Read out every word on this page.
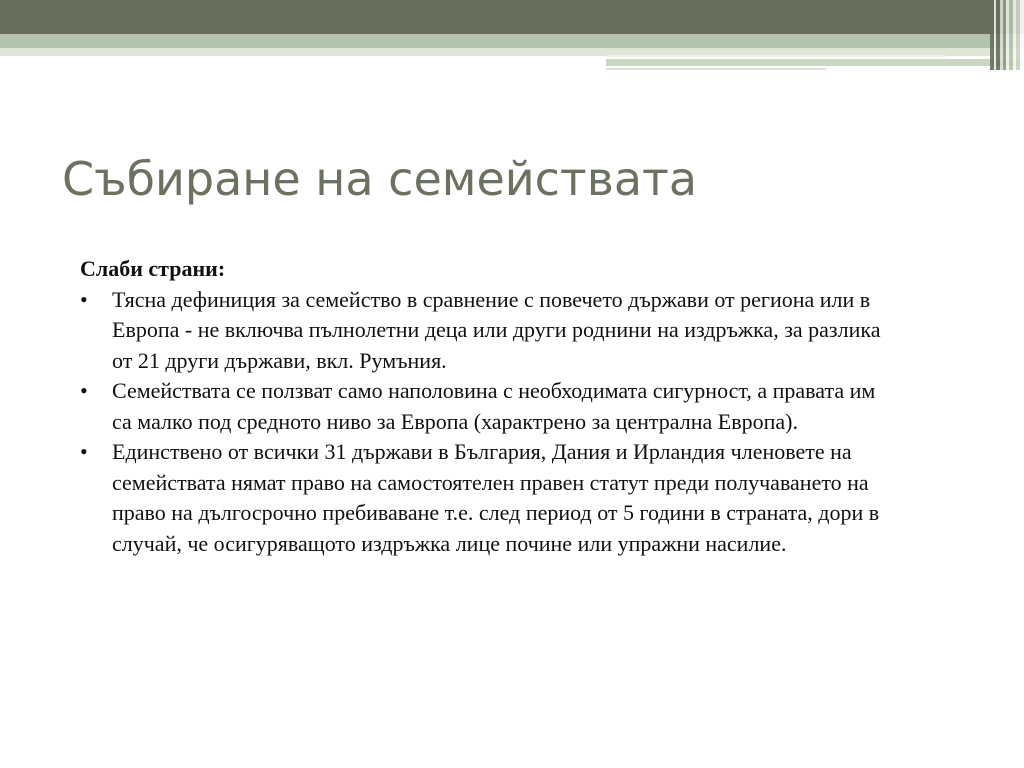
Събиране на семействата

Слаби страни:

• Тясна дефиниция за семейство в сравнение с повечето държави от региона или в Европа - не включва пълнолетни деца или други роднини на издръжка, за разлика от 21 други държави, вкл. Румъния.
• Семействата се ползват само наполовина с необходимата сигурност, а правата им са малко под средното ниво за Европа (характрено за централна Европа).
• Единствено от всички 31 държави в България, Дания и Ирландия членовете на семействата нямат право на самостоятелен правен статут преди получаването на право на дългосрочно пребиваване т.е. след период от 5 години в страната, дори в случай, че осигуряващото издръжка лице почине или упражни насилие.
